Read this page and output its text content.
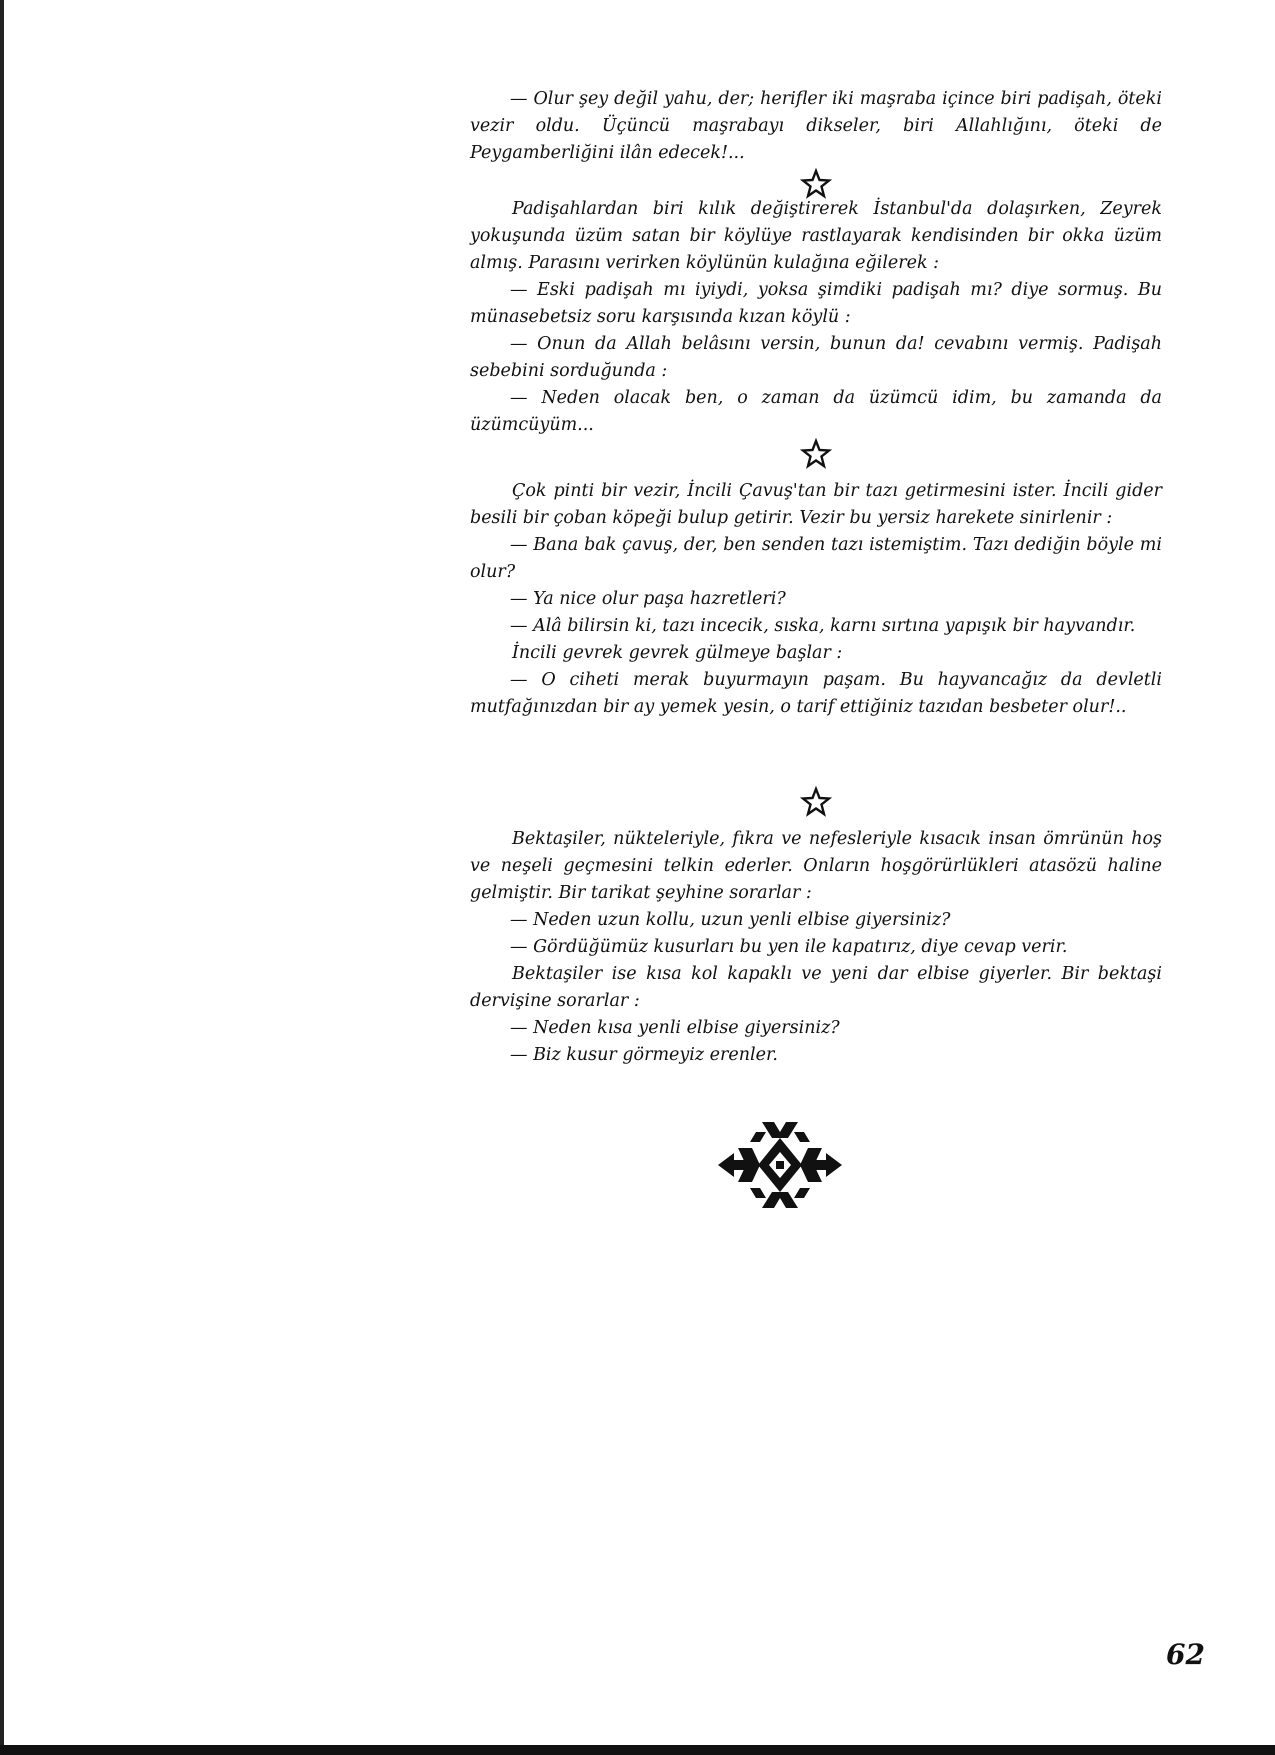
— Olur şey değil yahu, der; herifler iki maşraba içince biri padişah, öteki vezir oldu. Üçüncü maşrabayı dikseler, biri Allahlığını, öteki de Peygamberliğini ilân edecek!...

Padişahlardan biri kılık değiştirerek İstanbul'da dolaşırken, Zeyrek yokuşunda üzüm satan bir köylüye rastlayarak kendisinden bir okka üzüm almış. Parasını verirken köylünün kulağına eğilerek :

— Eski padişah mı iyiydi, yoksa şimdiki padişah mı? diye sormuş. Bu münasebetsiz soru karşısında kızan köylü :

— Onun da Allah belâsını versin, bunun da! cevabını vermiş. Padişah sebebini sorduğunda :

— Neden olacak ben, o zaman da üzümcü idim, bu zamanda da üzümcüyüm...

Çok pinti bir vezir, İncili Çavuş'tan bir tazı getirmesini ister. İncili gider besili bir çoban köpeği bulup getirir. Vezir bu yersiz harekete sinirlenir :

— Bana bak çavuş, der, ben senden tazı istemiştim. Tazı dediğin böyle mi olur?

— Ya nice olur paşa hazretleri?

— Alâ bilirsin ki, tazı incecik, sıska, karnı sırtına yapışık bir hayvandır.

İncili gevrek gevrek gülmeye başlar :

— O ciheti merak buyurmayın paşam. Bu hayvancağız da devletli mutfağınızdan bir ay yemek yesin, o tarif ettiğiniz tazıdan besbeter olur!..

Bektaşiler, nükteleriyle, fıkra ve nefesleriyle kısacık insan ömrünün hoş ve neşeli geçmesini telkin ederler. Onların hoşgörürlükleri atasözü haline gelmiştir. Bir tarikat şeyhine sorarlar :

— Neden uzun kollu, uzun yenli elbise giyersiniz?

— Gördüğümüz kusurları bu yen ile kapatırız, diye cevap verir.

Bektaşiler ise kısa kol kapaklı ve yeni dar elbise giyerler. Bir bektaşi dervişine sorarlar :

— Neden kısa yenli elbise giyersiniz?

— Biz kusur görmeyiz erenler.

62
